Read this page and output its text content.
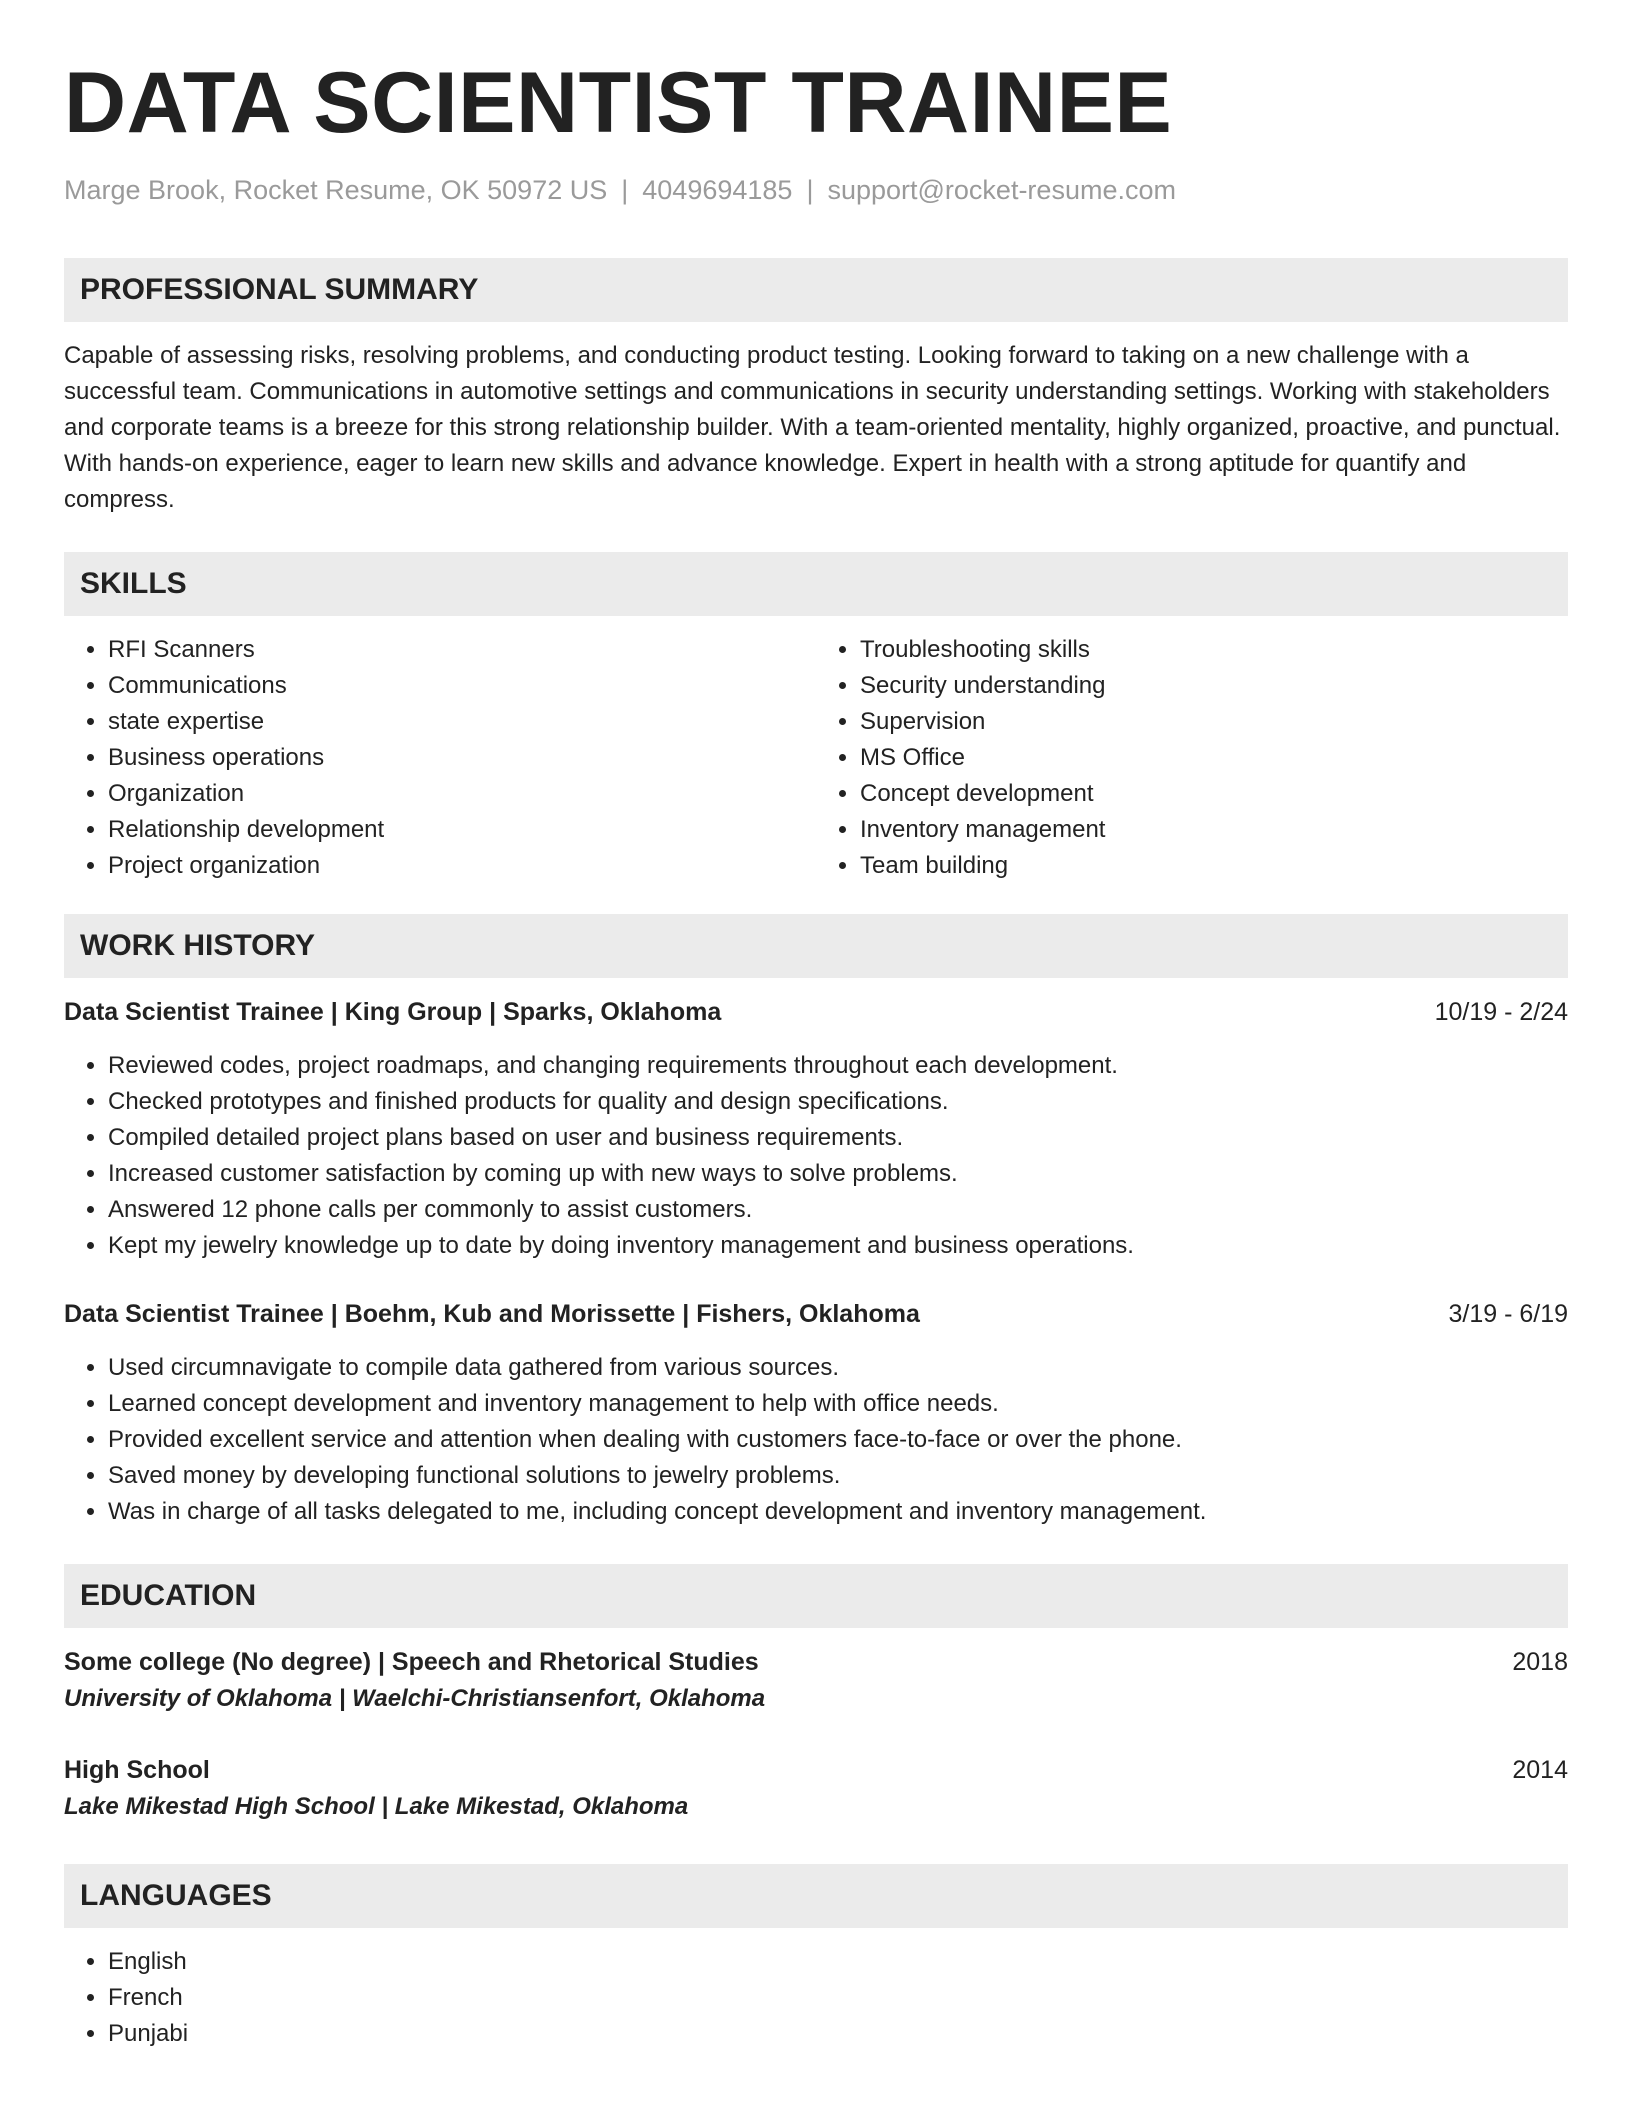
DATA SCIENTIST TRAINEE
Marge Brook, Rocket Resume, OK 50972 US | 4049694185 | support@rocket-resume.com
PROFESSIONAL SUMMARY

Capable of assessing risks, resolving problems, and conducting product testing. Looking forward to taking on a new challenge with a successful team. Communications in automotive settings and communications in security understanding settings. Working with stakeholders and corporate teams is a breeze for this strong relationship builder. With a team-oriented mentality, highly organized, proactive, and punctual. With hands-on experience, eager to learn new skills and advance knowledge. Expert in health with a strong aptitude for quantify and compress.

SKILLS
• RFI Scanners
• Communications
• state expertise
• Business operations
• Organization
• Relationship development
• Project organization
• Troubleshooting skills
• Security understanding
• Supervision
• MS Office
• Concept development
• Inventory management
• Team building
WORK HISTORY
Data Scientist Trainee | King Group | Sparks, Oklahoma	10/19 - 2/24
• Reviewed codes, project roadmaps, and changing requirements throughout each development.
• Checked prototypes and finished products for quality and design specifications.
• Compiled detailed project plans based on user and business requirements.
• Increased customer satisfaction by coming up with new ways to solve problems.
• Answered 12 phone calls per commonly to assist customers.
• Kept my jewelry knowledge up to date by doing inventory management and business operations.
Data Scientist Trainee | Boehm, Kub and Morissette | Fishers, Oklahoma	3/19 - 6/19
• Used circumnavigate to compile data gathered from various sources.
• Learned concept development and inventory management to help with office needs.
• Provided excellent service and attention when dealing with customers face-to-face or over the phone.
• Saved money by developing functional solutions to jewelry problems.
• Was in charge of all tasks delegated to me, including concept development and inventory management.
EDUCATION
Some college (No degree) | Speech and Rhetorical Studies	2018
University of Oklahoma | Waelchi-Christiansenfort, Oklahoma
High School	2014
Lake Mikestad High School | Lake Mikestad, Oklahoma
LANGUAGES
• English
• French
• Punjabi
